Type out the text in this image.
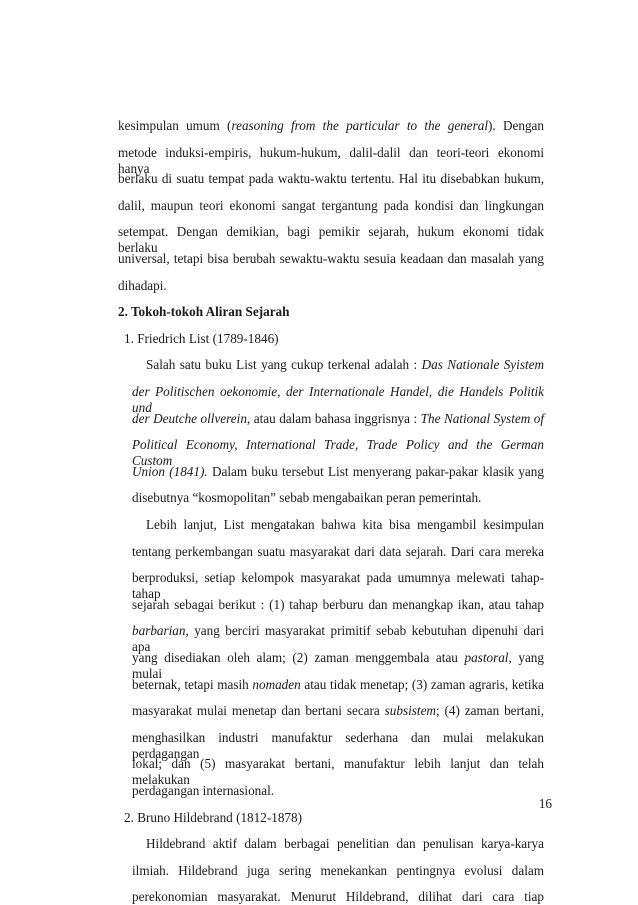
kesimpulan umum (reasoning from the particular to the general). Dengan
metode induksi-empiris, hukum-hukum, dalil-dalil dan teori-teori ekonomi hanya
berlaku di suatu tempat pada waktu-waktu tertentu. Hal itu disebabkan hukum,
dalil, maupun teori ekonomi sangat tergantung pada kondisi dan lingkungan
setempat. Dengan demikian, bagi pemikir sejarah, hukum ekonomi tidak berlaku
universal, tetapi bisa berubah sewaktu-waktu sesuia keadaan dan masalah yang
dihadapi.
2. Tokoh-tokoh Aliran Sejarah
1. Friedrich List (1789-1846)
Salah satu buku List yang cukup terkenal adalah : Das Nationale Syistem
der Politischen oekonomie, der Internationale Handel, die Handels Politik und
der Deutche ollverein, atau dalam bahasa inggrisnya : The National System of
Political Economy, International Trade, Trade Policy and the German Custom
Union (1841). Dalam buku tersebut List menyerang pakar-pakar klasik yang
disebutnya “kosmopolitan” sebab mengabaikan peran pemerintah.
Lebih lanjut, List mengatakan bahwa kita bisa mengambil kesimpulan
tentang perkembangan suatu masyarakat dari data sejarah. Dari cara mereka
berproduksi, setiap kelompok masyarakat pada umumnya melewati tahap-tahap
sejarah sebagai berikut : (1) tahap berburu dan menangkap ikan, atau tahap
barbarian, yang berciri masyarakat primitif sebab kebutuhan dipenuhi dari apa
yang disediakan oleh alam; (2) zaman menggembala atau pastoral, yang mulai
beternak, tetapi masih nomaden atau tidak menetap; (3) zaman agraris, ketika
masyarakat mulai menetap dan bertani secara subsistem; (4) zaman bertani,
menghasilkan industri manufaktur sederhana dan mulai melakukan perdagangan
lokal; dan (5) masyarakat bertani, manufaktur lebih lanjut dan telah melakukan
perdagangan internasional.
2. Bruno Hildebrand (1812-1878)
Hildebrand aktif dalam berbagai penelitian dan penulisan karya-karya
ilmiah. Hildebrand juga sering menekankan pentingnya evolusi dalam
perekonomian masyarakat. Menurut Hildebrand, dilihat dari cara tiap
16
